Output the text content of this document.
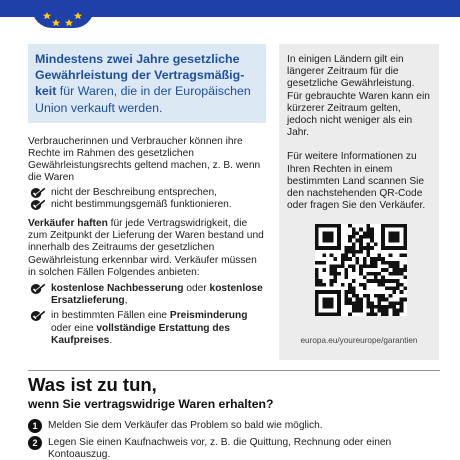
Mindestens zwei Jahre gesetzliche Gewährleistung der Vertragsmäßigkeit für Waren, die in der Europäischen Union verkauft werden.

Verbraucherinnen und Verbraucher können ihre Rechte im Rahmen des gesetzlichen Gewährleistungsrechts geltend machen, z. B. wenn die Waren

nicht der Beschreibung entsprechen,
nicht bestimmungsgemäß funktionieren.

Verkäufer haften für jede Vertragswidrigkeit, die zum Zeitpunkt der Lieferung der Waren bestand und innerhalb des Zeitraums der gesetzlichen Gewährleistung erkennbar wird. Verkäufer müssen in solchen Fällen Folgendes anbieten:

kostenlose Nachbesserung oder kostenlose Ersatzlieferung,
in bestimmten Fällen eine Preisminderung oder eine vollständige Erstattung des Kaufpreises.

In einigen Ländern gilt ein längerer Zeitraum für die gesetzliche Gewährleistung. Für gebrauchte Waren kann ein kürzerer Zeitraum gelten, jedoch nicht weniger als ein Jahr.

Für weitere Informationen zu Ihren Rechten in einem bestimmten Land scannen Sie den nachstehenden QR-Code oder fragen Sie den Verkäufer.

europa.eu/youreurope/garantien
Was ist zu tun,
wenn Sie vertragswidrige Waren erhalten?
1	Melden Sie dem Verkäufer das Problem so bald wie möglich.
2	Legen Sie einen Kaufnachweis vor, z. B. die Quittung, Rechnung oder einen Kontoauszug.
